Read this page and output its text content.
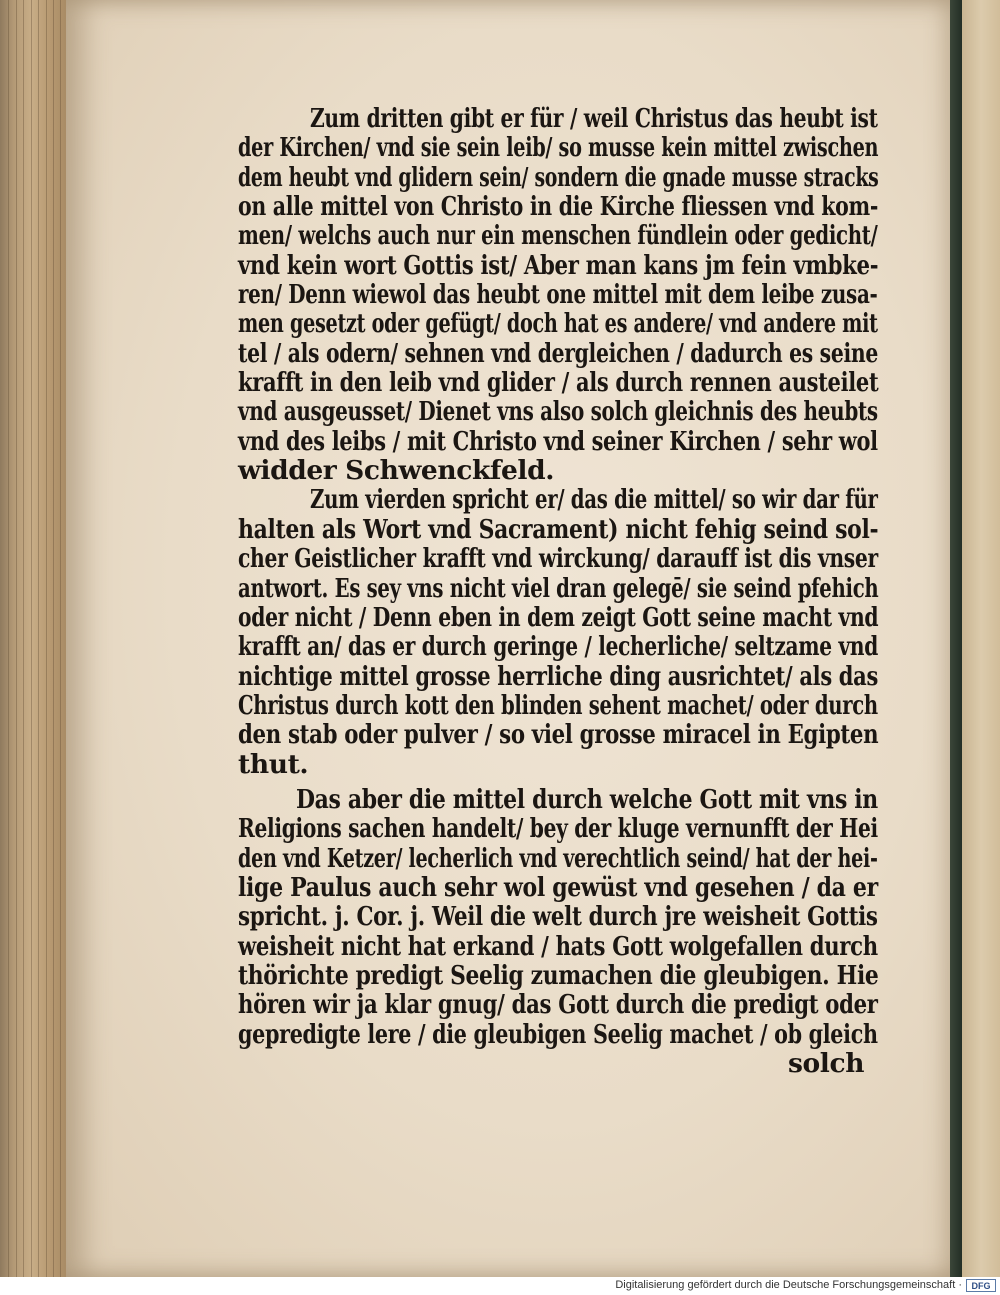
Zum dritten gibt er für / weil Christus das heubt ist
der Kirchen/ vnd sie sein leib/ so musse kein mittel zwischen
dem heubt vnd glidern sein/ sondern die gnade musse stracks
on alle mittel von Christo in die Kirche fliessen vnd kom-
men/ welchs auch nur ein menschen fündlein oder gedicht/
vnd kein wort Gottis ist/ Aber man kans jm fein vmbke-
ren/ Denn wiewol das heubt one mittel mit dem leibe zusa-
men gesetzt oder gefügt/ doch hat es andere/ vnd andere mit
tel / als odern/ sehnen vnd dergleichen / dadurch es seine
krafft in den leib vnd glider / als durch rennen austeilet
vnd ausgeusset/ Dienet vns also solch gleichnis des heubts
vnd des leibs / mit Christo vnd seiner Kirchen / sehr wol
widder Schwenckfeld.
Zum vierden spricht er/ das die mittel/ so wir dar für
halten als Wort vnd Sacrament) nicht fehig seind sol-
cher Geistlicher krafft vnd wirckung/ darauff ist dis vnser
antwort. Es sey vns nicht viel dran gelegē/ sie seind pfehich
oder nicht / Denn eben in dem zeigt Gott seine macht vnd
krafft an/ das er durch geringe / lecherliche/ seltzame vnd
nichtige mittel grosse herrliche ding ausrichtet/ als das
Christus durch kott den blinden sehent machet/ oder durch
den stab oder pulver / so viel grosse miracel in Egipten
thut.
Das aber die mittel durch welche Gott mit vns in
Religions sachen handelt/ bey der kluge vernunfft der Hei
den vnd Ketzer/ lecherlich vnd verechtlich seind/ hat der hei-
lige Paulus auch sehr wol gewüst vnd gesehen / da er
spricht. j. Cor. j. Weil die welt durch jre weisheit Gottis
weisheit nicht hat erkand / hats Gott wolgefallen durch
thörichte predigt Seelig zumachen die gleubigen. Hie
hören wir ja klar gnug/ das Gott durch die predigt oder
gepredigte lere / die gleubigen Seelig machet / ob gleich
solch
Digitalisierung gefördert durch die Deutsche Forschungsgemeinschaft ·	DFG
